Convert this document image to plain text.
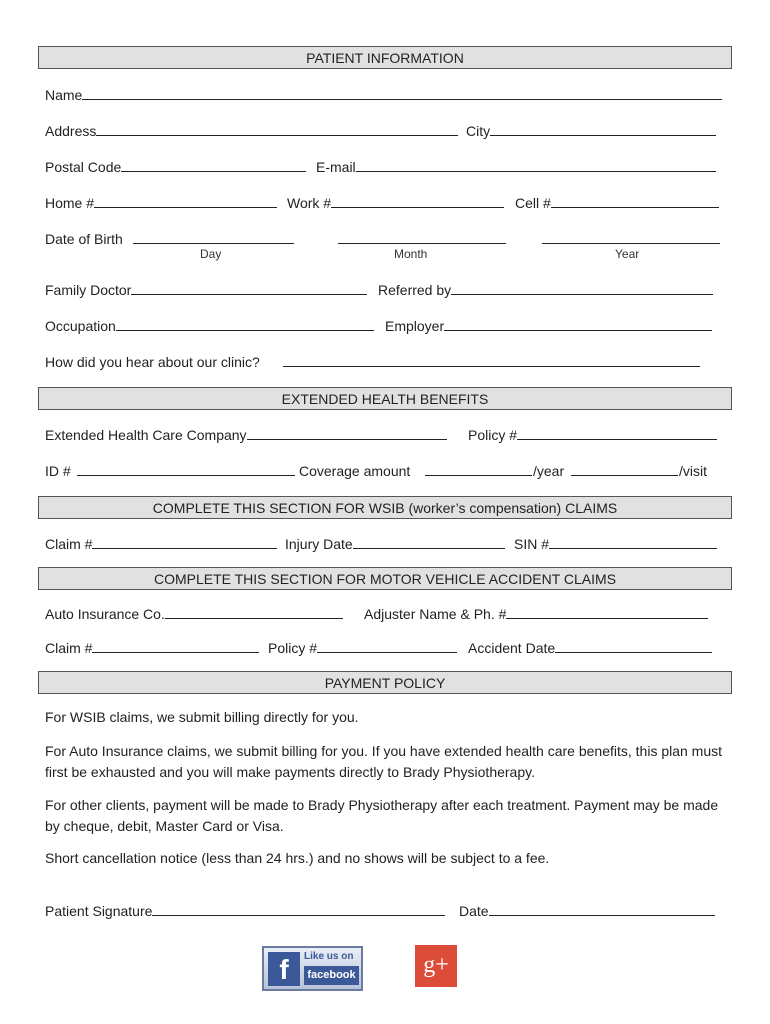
PATIENT INFORMATION
Name
Address	City
Postal Code	E-mail
Home #	Work #	Cell #
Date of Birth
Day	Month	Year
Family Doctor	Referred by
Occupation	Employer
How did you hear about our clinic?
EXTENDED HEALTH BENEFITS
Extended Health Care Company	Policy #
ID #	Coverage amount	/year	/visit
COMPLETE THIS SECTION FOR WSIB (worker’s compensation) CLAIMS
Claim #	Injury Date	SIN #
COMPLETE THIS SECTION FOR MOTOR VEHICLE ACCIDENT CLAIMS
Auto Insurance Co.	Adjuster Name & Ph. #
Claim #	Policy #	Accident Date
PAYMENT POLICY
For WSIB claims, we submit billing directly for you.
For Auto Insurance claims, we submit billing for you. If you have extended health care benefits, this plan must first be exhausted and you will make payments directly to Brady Physiotherapy.
For other clients, payment will be made to Brady Physiotherapy after each treatment. Payment may be made by cheque, debit, Master Card or Visa.
Short cancellation notice (less than 24 hrs.) and no shows will be subject to a fee.
Patient Signature	Date
f	Like us on
facebook	g+
